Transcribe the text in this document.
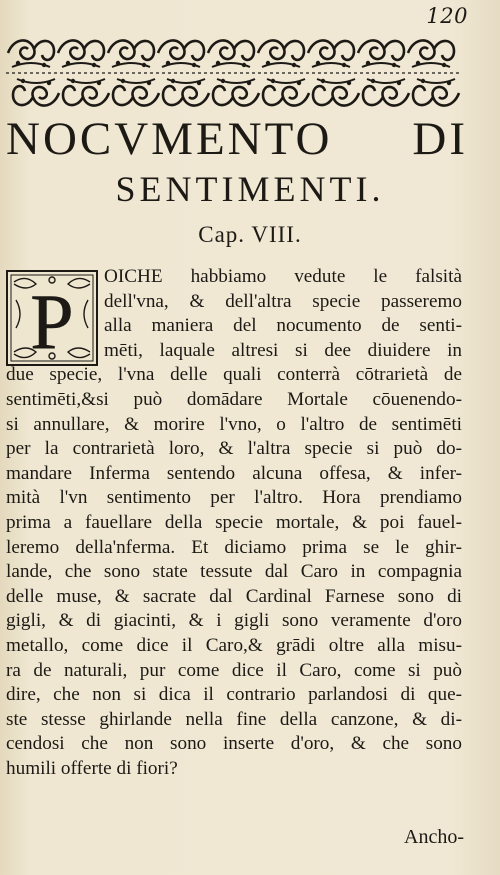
120
NOCVMENTO DI
SENTIMENTI.
Cap. VIII.
P
OICHE habbiamo vedute le falsità
dell'vna, & dell'altra specie passeremo
alla maniera del nocumento de senti-
mēti, laquale altresi si dee diuidere in
due specie, l'vna delle quali conterrà cōtrarietà de
sentimēti,&si può domādare Mortale cōuenendo-
si annullare, & morire l'vno, o l'altro de sentimēti
per la contrarietà loro, & l'altra specie si può do-
mandare Inferma sentendo alcuna offesa, & infer-
mità l'vn sentimento per l'altro. Hora prendiamo
prima a fauellare della specie mortale, & poi fauel-
leremo della'nferma. Et diciamo prima se le ghir-
lande, che sono state tessute dal Caro in compagnia
delle muse, & sacrate dal Cardinal Farnese sono di
gigli, & di giacinti, & i gigli sono veramente d'oro
metallo, come dice il Caro,& grādi oltre alla misu-
ra de naturali, pur come dice il Caro, come si può
dire, che non si dica il contrario parlandosi di que-
ste stesse ghirlande nella fine della canzone, & di-
cendosi che non sono inserte d'oro, & che sono
humili offerte di fiori?
Ancho-
